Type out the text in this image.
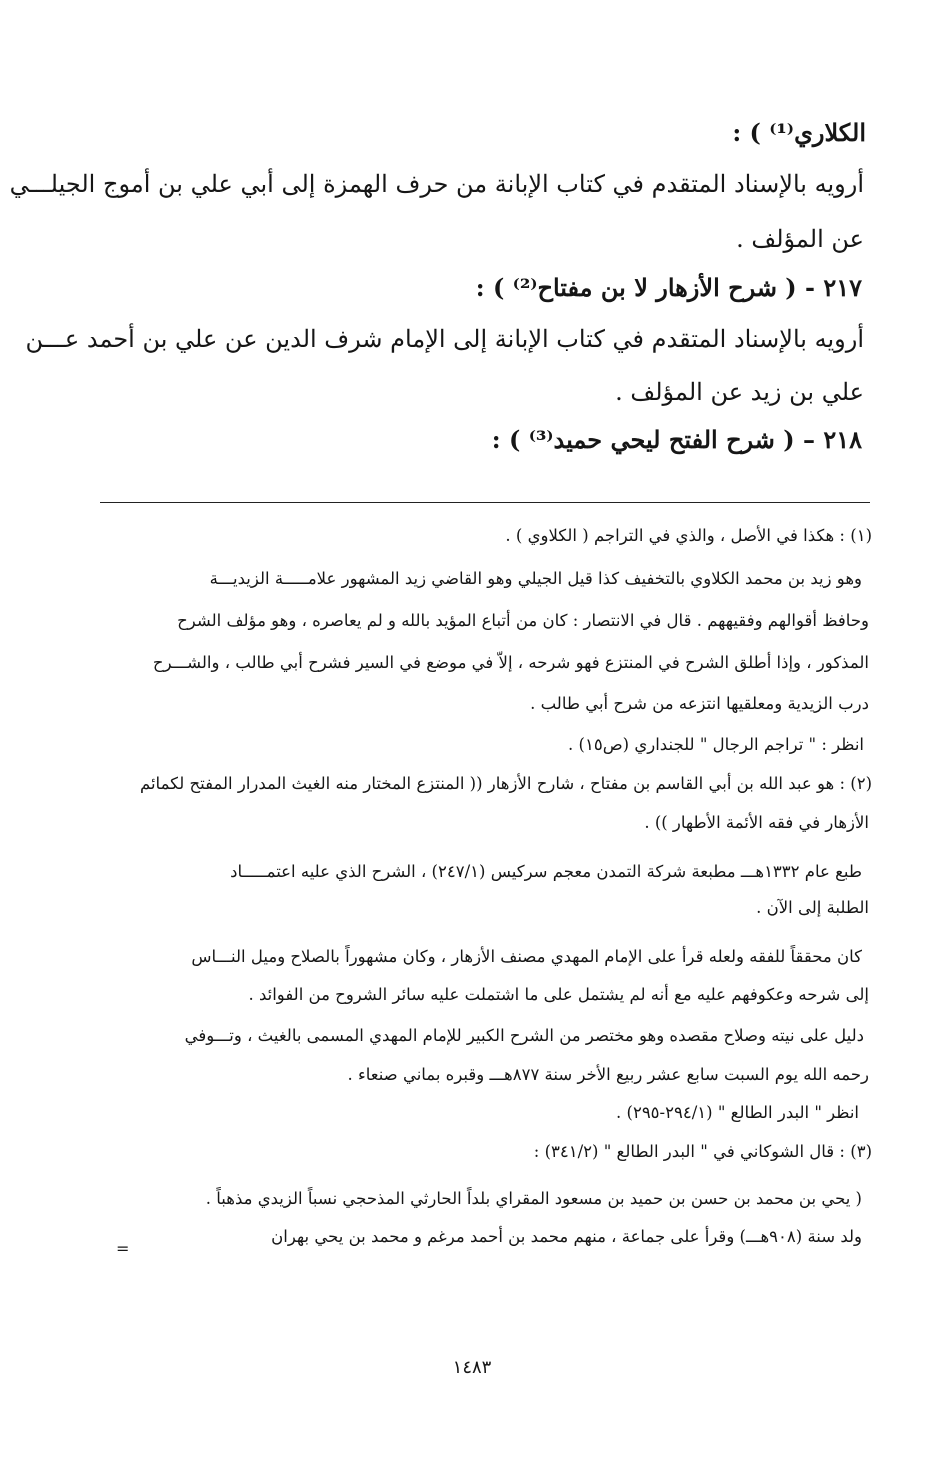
الكلاري⁽¹⁾ ) :
أرويه بالإسناد المتقدم في كتاب الإبانة من حرف الهمزة إلى أبي علي بن أموج الجيلـــي
عن المؤلف .
٢١٧ - ( شرح الأزهار لا بن مفتاح⁽²⁾ ) :
أرويه بالإسناد المتقدم في كتاب الإبانة إلى الإمام شرف الدين عن علي بن أحمد عـــن
علي بن زيد عن المؤلف .
٢١٨ – ( شرح الفتح ليحي حميد⁽³⁾ ) :
(١) : هكذا في الأصل ، والذي في التراجم ( الكلاوي ) .
وهو زيد بن محمد الكلاوي بالتخفيف كذا قيل الجيلي وهو القاضي زيد المشهور علامـــــة الزيديـــة
وحافظ أقوالهم وفقيههم . قال في الانتصار : كان من أتباع المؤيد بالله و لم يعاصره ، وهو مؤلف الشرح
المذكور ، وإذا أطلق الشرح في المنتزع فهو شرحه ، إلاّ في موضع في السير فشرح أبي طالب ، والشـــرح
درب الزيدية ومعلقيها انتزعه من شرح أبي طالب .
انظر : " تراجم الرجال " للجنداري (ص١٥) .
(٢) : هو عبد الله بن أبي القاسم بن مفتاح ، شارح الأزهار (( المنتزع المختار منه الغيث المدرار المفتح لكمائم
الأزهار في فقه الأئمة الأطهار )) .
طبع عام ١٣٣٢هـــ مطبعة شركة التمدن معجم سركيس (٢٤٧/١) ، الشرح الذي عليه اعتمـــــاد
الطلبة إلى الآن .
كان محققاً للفقه ولعله قرأ على الإمام المهدي مصنف الأزهار ، وكان مشهوراً بالصلاح وميل النـــاس
إلى شرحه وعكوفهم عليه مع أنه لم يشتمل على ما اشتملت عليه سائر الشروح من الفوائد .
دليل على نيته وصلاح مقصده وهو مختصر من الشرح الكبير للإمام المهدي المسمى بالغيث ، وتـــوفي
رحمه الله يوم السبت سابع عشر ربيع الأخر سنة ٨٧٧هـــ وقبره بماني صنعاء .
انظر " البدر الطالع " (٢٩٤/١-٢٩٥) .
(٣) : قال الشوكاني في " البدر الطالع " (٣٤١/٢) :
( يحي بن محمد بن حسن بن حميد بن مسعود المقراي بلداً الحارثي المذحجي نسباً الزيدي مذهباً .
ولد سنة (٩٠٨هـــ) وقرأ على جماعة ، منهم محمد بن أحمد مرغم و محمد بن يحي بهران
=
١٤٨٣
